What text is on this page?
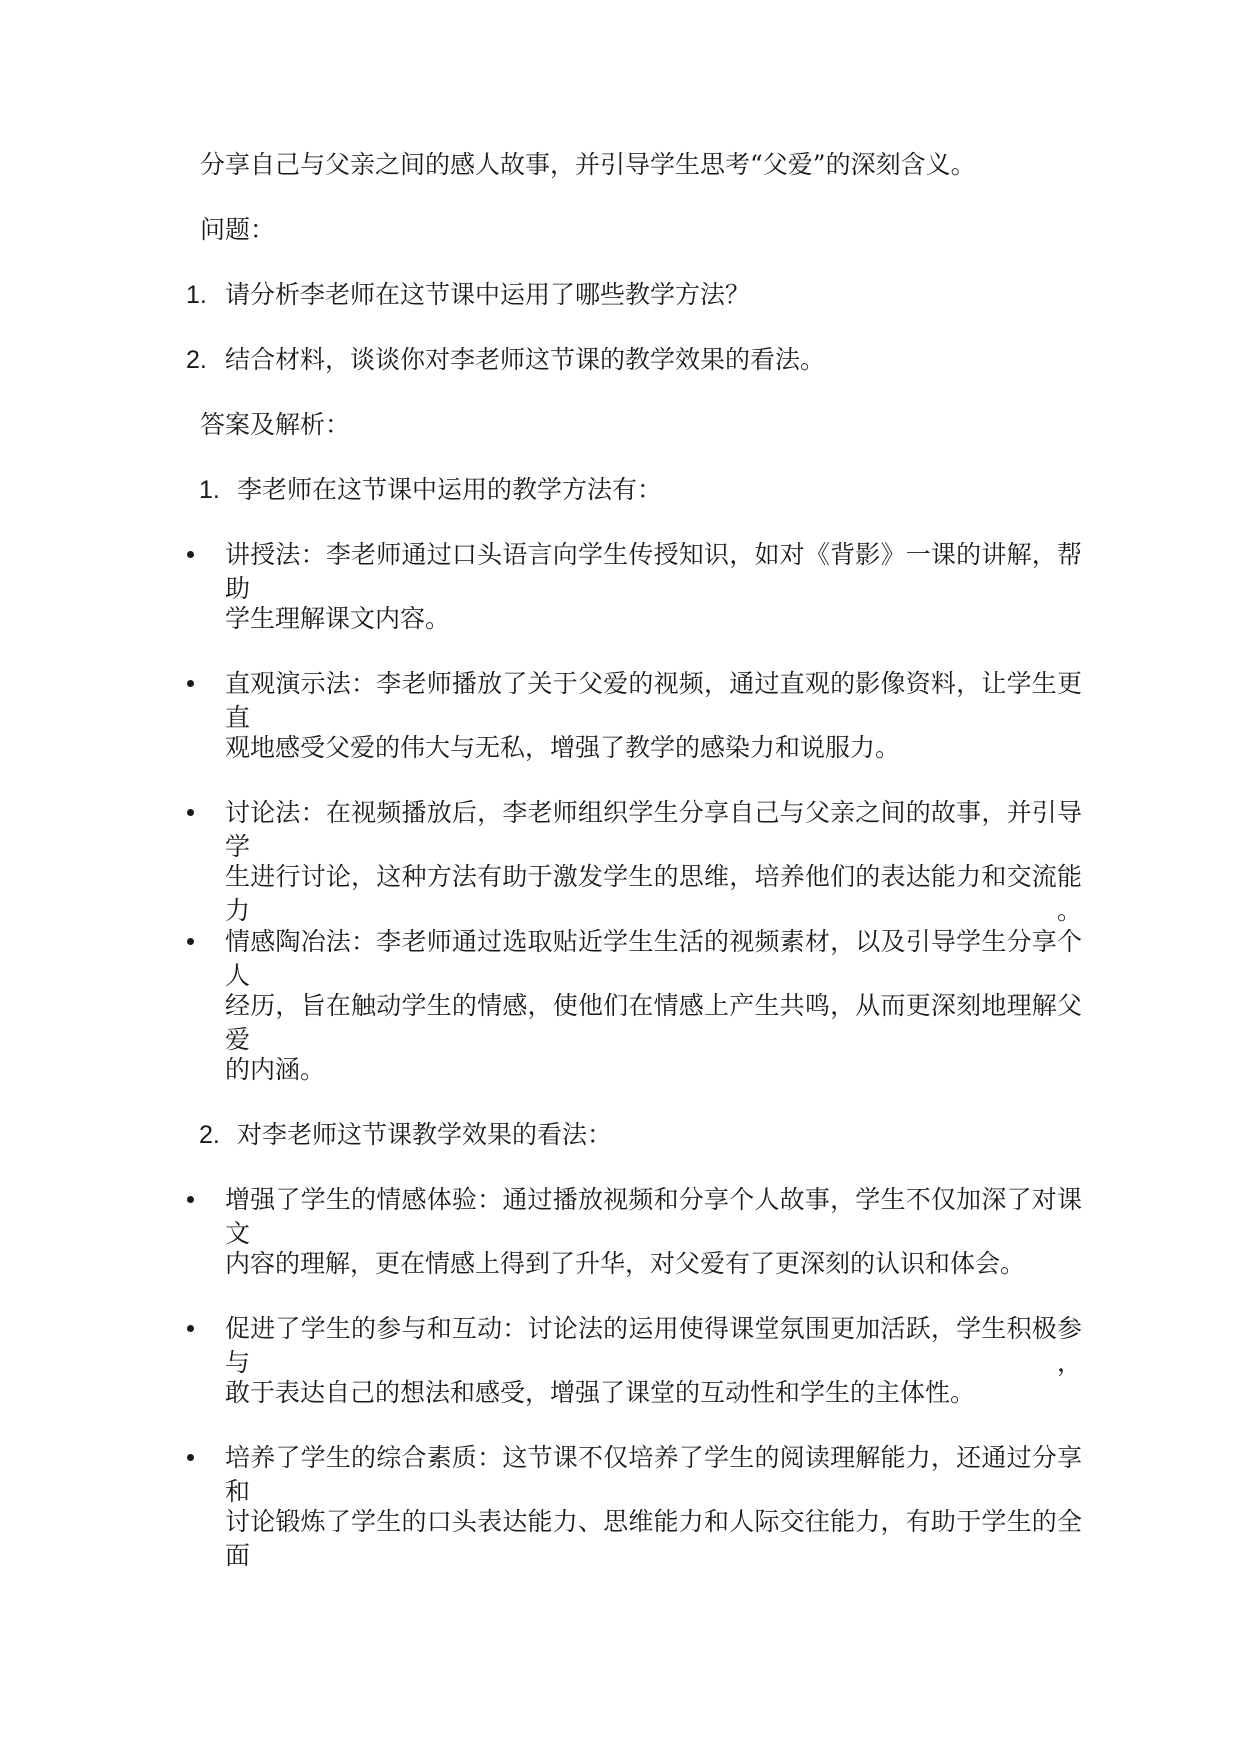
分享自己与父亲之间的感人故事，并引导学生思考“父爱”的深刻含义。
问题：
1. 请分析李老师在这节课中运用了哪些教学方法？
2. 结合材料，谈谈你对李老师这节课的教学效果的看法。
答案及解析：
1. 李老师在这节课中运用的教学方法有：
讲授法：李老师通过口头语言向学生传授知识，如对《背影》一课的讲解，帮助
学生理解课文内容。
直观演示法：李老师播放了关于父爱的视频，通过直观的影像资料，让学生更直
观地感受父爱的伟大与无私，增强了教学的感染力和说服力。
讨论法：在视频播放后，李老师组织学生分享自己与父亲之间的故事，并引导学
生进行讨论，这种方法有助于激发学生的思维，培养他们的表达能力和交流能力。
情感陶冶法：李老师通过选取贴近学生生活的视频素材，以及引导学生分享个人
经历，旨在触动学生的情感，使他们在情感上产生共鸣，从而更深刻地理解父爱
的内涵。
2. 对李老师这节课教学效果的看法：
增强了学生的情感体验：通过播放视频和分享个人故事，学生不仅加深了对课文
内容的理解，更在情感上得到了升华，对父爱有了更深刻的认识和体会。
促进了学生的参与和互动：讨论法的运用使得课堂氛围更加活跃，学生积极参与，
敢于表达自己的想法和感受，增强了课堂的互动性和学生的主体性。
培养了学生的综合素质：这节课不仅培养了学生的阅读理解能力，还通过分享和
讨论锻炼了学生的口头表达能力、思维能力和人际交往能力，有助于学生的全面
